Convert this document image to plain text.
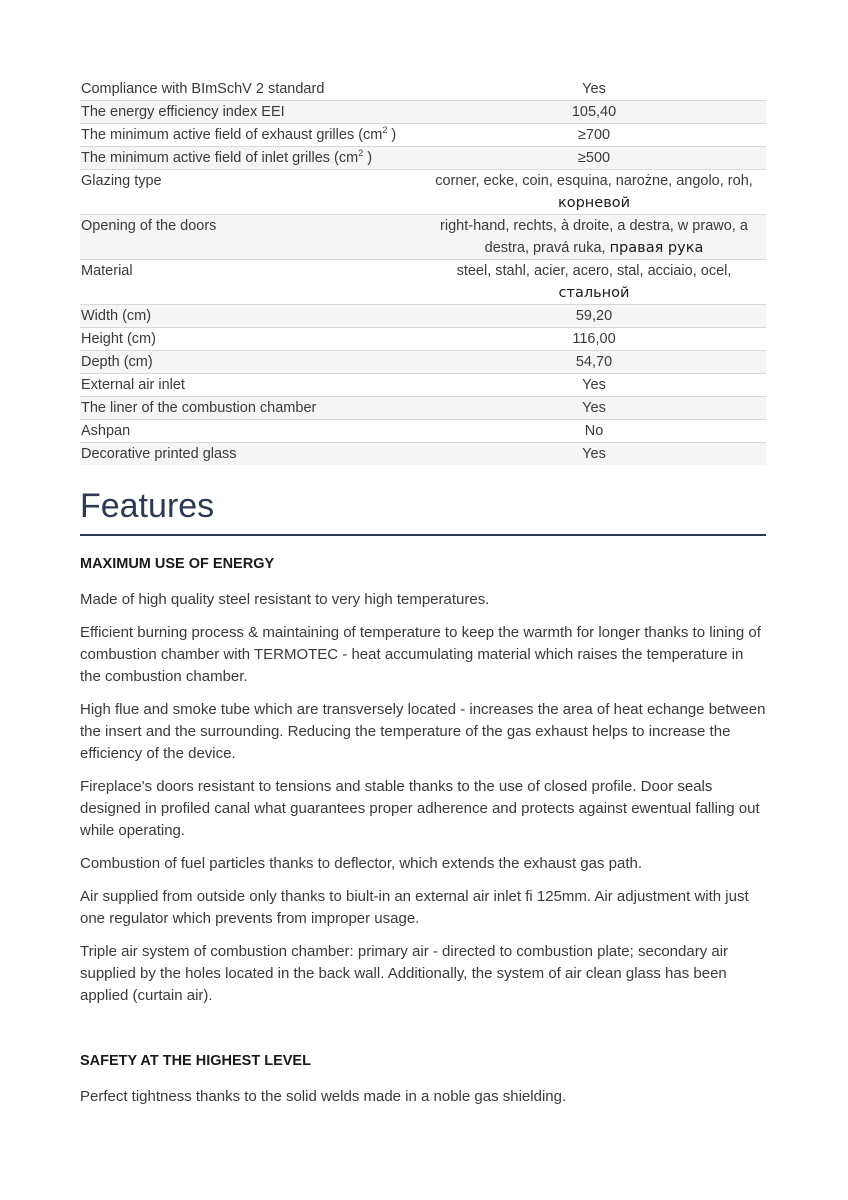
Compliance with BImSchV 2 standard	Yes
The energy efficiency index EEI	105,40
The minimum active field of exhaust grilles ($cm^2$ )	≥700
The minimum active field of inlet grilles ($cm^2$ )	≥500
Glazing type	corner, ecke, coin, esquina, narożne, angolo, roh,
корневой
Opening of the doors	right-hand, rechts, à droite, a destra, w prawo, a destra, pravá ruka, правая рука
Material	steel, stahl, acier, acero, stal, acciaio, ocel,
стальной
Width (cm)	59,20
Height (cm)	116,00
Depth (cm)	54,70
External air inlet	Yes
The liner of the combustion chamber	Yes
Ashpan	No
Decorative printed glass	Yes
Features
MAXIMUM USE OF ENERGY

Made of high quality steel resistant to very high temperatures.

Efficient burning process & maintaining of temperature to keep the warmth for longer thanks to lining of combustion chamber with TERMOTEC - heat accumulating material which raises the temperature in the combustion chamber.

High flue and smoke tube which are transversely located - increases the area of heat echange between the insert and the surrounding. Reducing the temperature of the gas exhaust helps to increase the efficiency of the device.

Fireplace's doors resistant to tensions and stable thanks to the use of closed profile. Door seals designed in profiled canal what guarantees proper adherence and protects against ewentual falling out while operating.

Combustion of fuel particles thanks to deflector, which extends the exhaust gas path.

Air supplied from outside only thanks to biult-in an external air inlet fi 125mm. Air adjustment with just one regulator which prevents from improper usage.

Triple air system of combustion chamber: primary air - directed to combustion plate; secondary air supplied by the holes located in the back wall. Additionally, the system of air clean glass has been applied (curtain air).

SAFETY AT THE HIGHEST LEVEL

Perfect tightness thanks to the solid welds made in a noble gas shielding.
